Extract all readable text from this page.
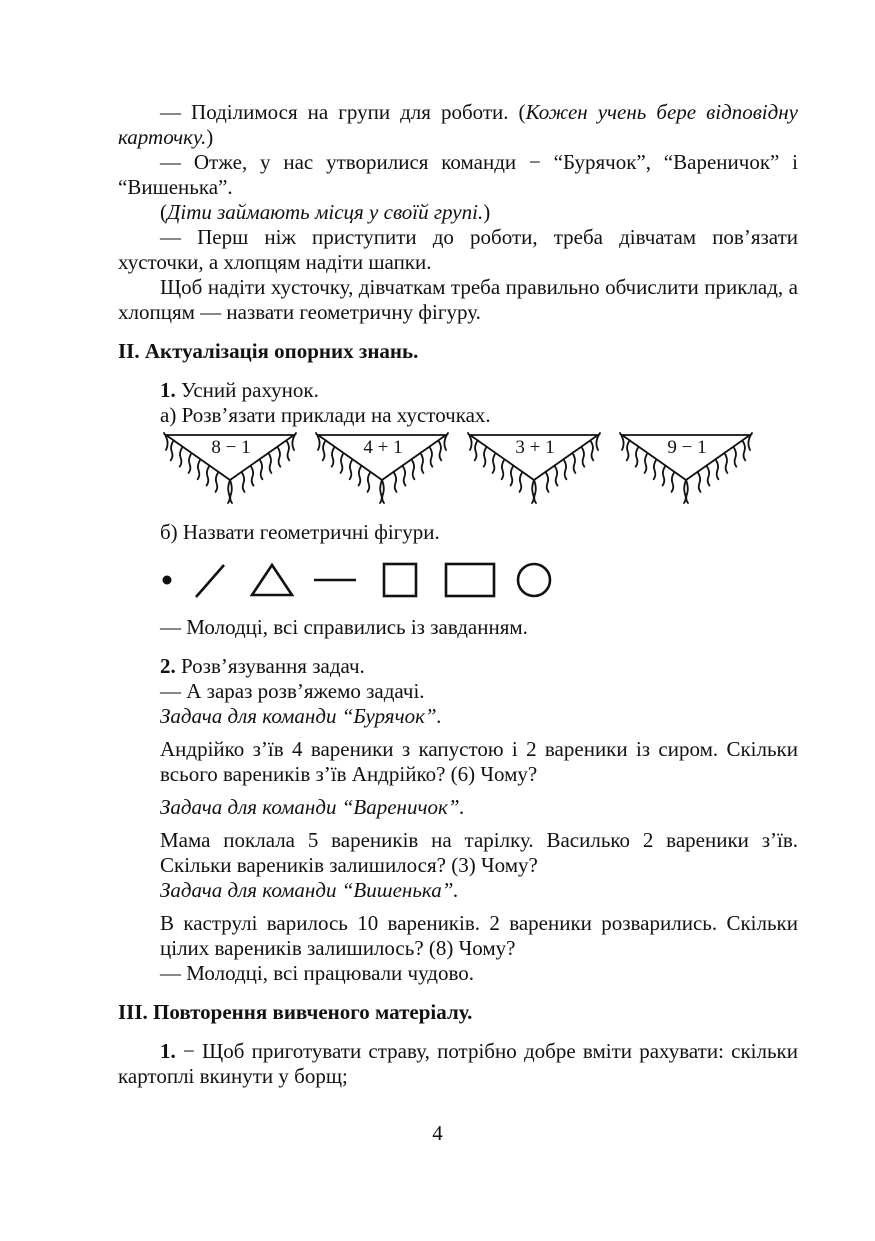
— Поділимося на групи для роботи. (Кожен учень бере відповідну карточку.)

— Отже, у нас утворилися команди − “Бурячок”, “Вареничок” і “Вишенька”.

(Діти займають місця у своїй групі.)

— Перш ніж приступити до роботи, треба дівчатам пов’язати хусточки, а хлопцям надіти шапки.

Щоб надіти хусточку, дівчаткам треба правильно обчислити приклад, а хлопцям — назвати геометричну фігуру.

II. Актуалізація опорних знань.

1. Усний рахунок.

а) Розв’язати приклади на хусточках.

8 − 1	4 + 1	3 + 1	9 − 1

б) Назвати геометричні фігури.

— Молодці, всі справились із завданням.

2. Розв’язування задач.

— А зараз розв’яжемо задачі.

Задача для команди “Бурячок”.

Андрійко з’їв 4 вареники з капустою і 2 вареники із сиром. Скільки всього вареників з’їв Андрійко? (6) Чому?

Задача для команди “Вареничок”.

Мама поклала 5 вареників на тарілку. Василько 2 вареники з’їв. Скільки вареників залишилося? (3) Чому?

Задача для команди “Вишенька”.

В каструлі варилось 10 вареників. 2 вареники розварились. Скільки цілих вареників залишилось? (8) Чому?

— Молодці, всі працювали чудово.

III. Повторення вивченого матеріалу.

1. − Щоб приготувати страву, потрібно добре вміти рахувати: скільки картоплі вкинути у борщ;

4
